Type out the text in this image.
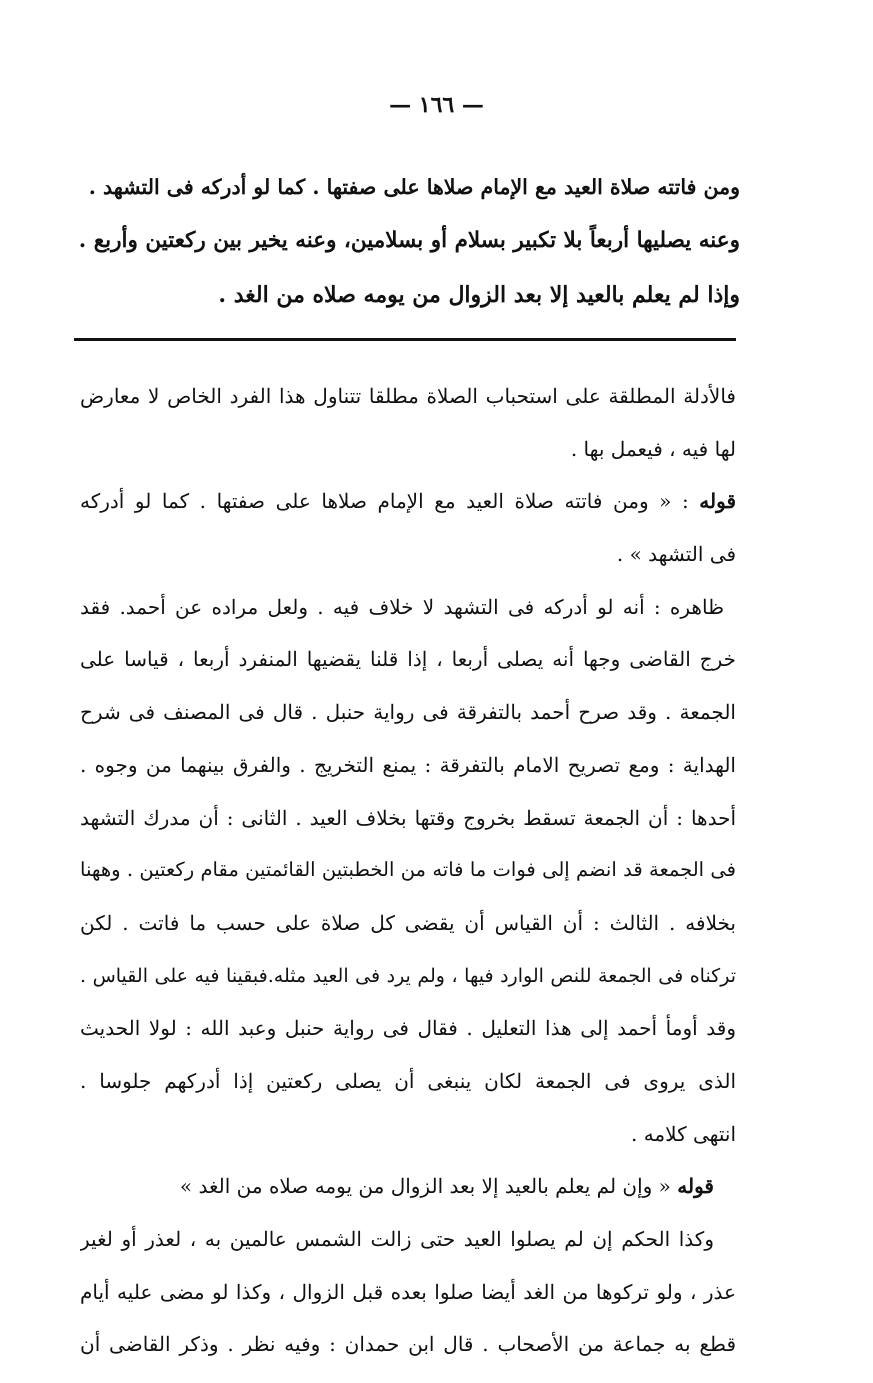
— ١٦٦ —
ومن فاتته صلاة العيد مع الإمام صلاها على صفتها . كما لو أدركه فى التشهد .
وعنه يصليها أربعاً بلا تكبير بسلام أو بسلامين، وعنه يخير بين ركعتين وأربع .
وإذا لم يعلم بالعيد إلا بعد الزوال من يومه صلاه من الغد .
فالأدلة المطلقة على استحباب الصلاة مطلقا تتناول هذا الفرد الخاص لا معارض
لها فيه ، فيعمل بها .
قوله : « ومن فاتته صلاة العيد مع الإمام صلاها على صفتها . كما لو أدركه
فى التشهد » .
ظاهره : أنه لو أدركه فى التشهد لا خلاف فيه . ولعل مراده عن أحمد. فقد
خرج القاضى وجها أنه يصلى أربعا ، إذا قلنا يقضيها المنفرد أربعا ، قياسا على
الجمعة . وقد صرح أحمد بالتفرقة فى رواية حنبل . قال فى المصنف فى شرح
الهداية : ومع تصريح الامام بالتفرقة : يمنع التخريج . والفرق بينهما من وجوه .
أحدها : أن الجمعة تسقط بخروج وقتها بخلاف العيد . الثانى : أن مدرك التشهد
فى الجمعة قد انضم إلى فوات ما فاته من الخطبتين القائمتين مقام ركعتين . وههنا
بخلافه . الثالث : أن القياس أن يقضى كل صلاة على حسب ما فاتت . لكن
تركناه فى الجمعة للنص الوارد فيها ، ولم يرد فى العيد مثله.فبقينا فيه على القياس .
وقد أومأ أحمد إلى هذا التعليل . فقال فى رواية حنبل وعبد الله : لولا الحديث
الذى يروى فى الجمعة لكان ينبغى أن يصلى ركعتين إذا أدركهم جلوسا .
انتهى كلامه .
قوله « وإن لم يعلم بالعيد إلا بعد الزوال من يومه صلاه من الغد »
وكذا الحكم إن لم يصلوا العيد حتى زالت الشمس عالمين به ، لعذر أو لغير
عذر ، ولو تركوها من الغد أيضا صلوا بعده قبل الزوال ، وكذا لو مضى عليه أيام
قطع به جماعة من الأصحاب . قال ابن حمدان : وفيه نظر . وذكر القاضى أن
